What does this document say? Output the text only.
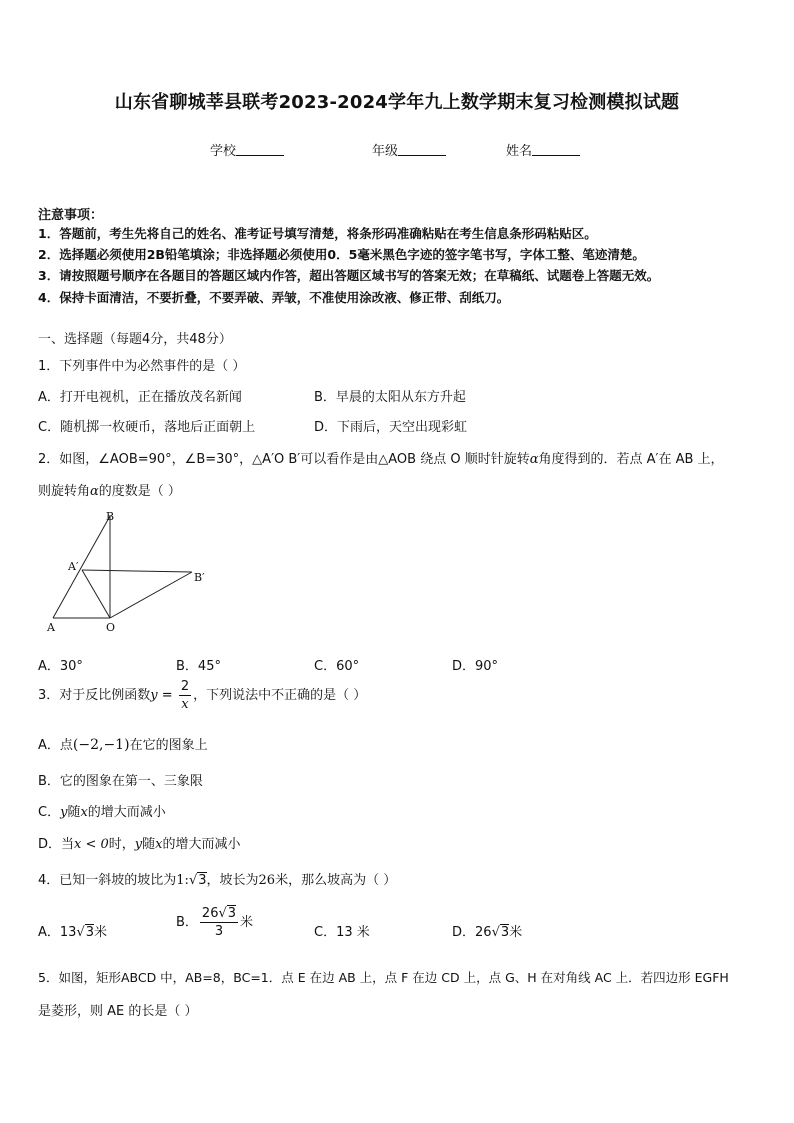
山东省聊城莘县联考2023-2024学年九上数学期末复习检测模拟试题
学校	年级	姓名
注意事项：
1．答题前，考生先将自己的姓名、准考证号填写清楚，将条形码准确粘贴在考生信息条形码粘贴区。
2．选择题必须使用2B铅笔填涂；非选择题必须使用0．5毫米黑色字迹的签字笔书写，字体工整、笔迹清楚。
3．请按照题号顺序在各题目的答题区域内作答，超出答题区域书写的答案无效；在草稿纸、试题卷上答题无效。
4．保持卡面清洁，不要折叠，不要弄破、弄皱，不准使用涂改液、修正带、刮纸刀。
一、选择题（每题4分，共48分）
1．下列事件中为必然事件的是（ ）
A．打开电视机，正在播放茂名新闻	B．早晨的太阳从东方升起
C．随机掷一枚硬币，落地后正面朝上	D．下雨后，天空出现彩虹
2．如图，∠AOB=90°，∠B=30°，△A′O B′可以看作是由△AOB 绕点 O 顺时针旋转α角度得到的．若点 A′在 AB 上，
则旋转角α的度数是（ ）
B
A′
B′
A	O
A．30°	B．45°	C．60°	D．90°
3．对于反比例函数$y = \frac{2}{x}$ ，下列说法中不正确的是（ ）
A．点(−2,−1)在它的图象上
B．它的图象在第一、三象限
C．y随x的增大而减小
D．当x < 0时，y随x的增大而减小
4．已知一斜坡的坡比为1:√3，坡长为26米，那么坡高为（ ）
A．13√3米
B． $\frac{26√3}{3}$ 米
C．13 米	D．26√3米
5．如图，矩形ABCD 中，AB=8，BC=1．点 E 在边 AB 上，点 F 在边 CD 上，点 G、H 在对角线 AC 上．若四边形 EGFH
是菱形，则 AE 的长是（ ）
